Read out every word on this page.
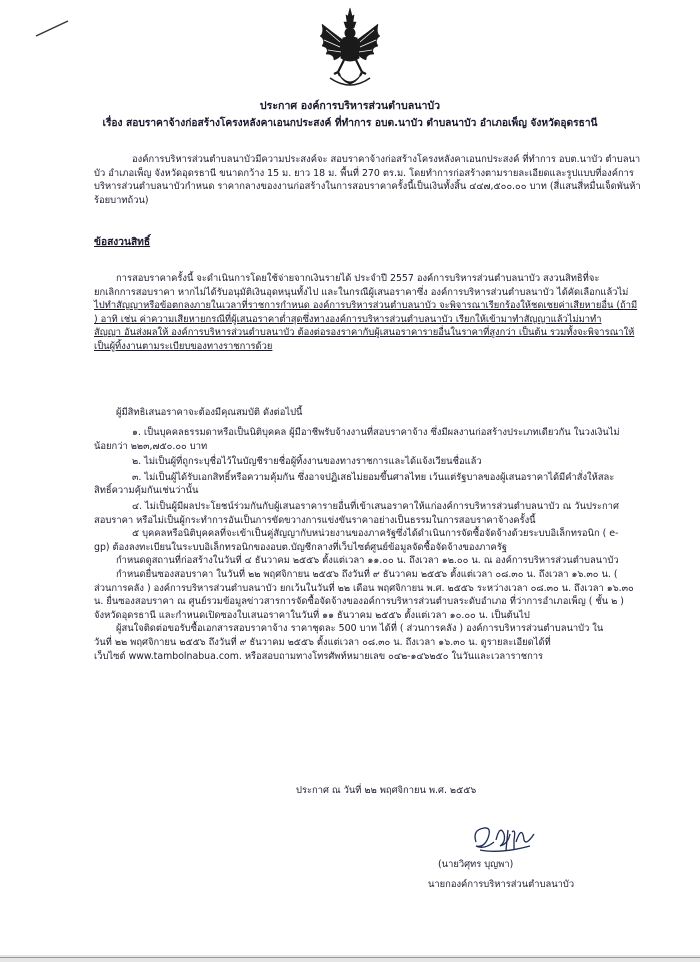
ประกาศ องค์การบริหารส่วนตำบลนาบัว
เรื่อง สอบราคาจ้างก่อสร้างโครงหลังคาเอนกประสงค์ ที่ทำการ อบต.นาบัว ตำบลนาบัว อำเภอเพ็ญ จังหวัดอุดรธานี
องค์การบริหารส่วนตำบลนาบัวมีความประสงค์จะ สอบราคาจ้างก่อสร้างโครงหลังคาเอนกประสงค์ ที่ทำการ อบต.นาบัว ตำบลนา
บัว อำเภอเพ็ญ จังหวัดอุดรธานี ขนาดกว้าง 15 ม. ยาว 18 ม. พื้นที่ 270 ตร.ม. โดยทำการก่อสร้างตามรายละเอียดและรูปแบบที่องค์การ
บริหารส่วนตำบลนาบัวกำหนด ราคากลางของงานก่อสร้างในการสอบราคาครั้งนี้เป็นเงินทั้งสิ้น ๔๔๗,๕๐๐.๐๐ บาท (สี่แสนสี่หมื่นเจ็ดพันห้า
ร้อยบาทถ้วน)
ข้อสงวนสิทธิ์
การสอบราคาครั้งนี้ จะดำเนินการโดยใช้จ่ายจากเงินรายได้ ประจำปี 2557 องค์การบริหารส่วนตำบลนาบัว สงวนสิทธิที่จะ
ยกเลิกการสอบราคา หากไม่ได้รับอนุมัติเงินอุดหนุนทั้งไป และในกรณีผู้เสนอราคาซึ่ง องค์การบริหารส่วนตำบลนาบัว ได้คัดเลือกแล้วไม่
ไปทำสัญญาหรือข้อตกลงภายในเวลาที่ราชการกำหนด องค์การบริหารส่วนตำบลนาบัว จะพิจารณาเรียกร้องให้ชดเชยค่าเสียหายอื่น (ถ้ามี
) อาทิ เช่น ค่าความเสียหายกรณีที่ผู้เสนอราคาต่ำสุดซึ่งทางองค์การบริหารส่วนตำบลนาบัว เรียกให้เข้ามาทำสัญญาแล้วไม่มาทำ
สัญญา อันส่งผลให้ องค์การบริหารส่วนตำบลนาบัว ต้องต่อรองราคากับผู้เสนอราคารายอื่นในราคาที่สูงกว่า เป็นต้น รวมทั้งจะพิจารณาให้
เป็นผู้ทิ้งงานตามระเบียบของทางราชการด้วย
ผู้มีสิทธิเสนอราคาจะต้องมีคุณสมบัติ ดังต่อไปนี้
๑. เป็นบุคคลธรรมดาหรือเป็นนิติบุคคล ผู้มีอาชีพรับจ้างงานที่สอบราคาจ้าง ซึ่งมีผลงานก่อสร้างประเภทเดียวกัน ในวงเงินไม่
น้อยกว่า ๒๒๓,๗๕๐.๐๐ บาท
๒. ไม่เป็นผู้ที่ถูกระบุชื่อไว้ในบัญชีรายชื่อผู้ทิ้งงานของทางราชการและได้แจ้งเวียนชื่อแล้ว
๓. ไม่เป็นผู้ได้รับเอกสิทธิ์หรือความคุ้มกัน ซึ่งอาจปฏิเสธไม่ยอมขึ้นศาลไทย เว้นแต่รัฐบาลของผู้เสนอราคาได้มีคำสั่งให้สละ
สิทธิ์ความคุ้มกันเช่นว่านั้น
๔. ไม่เป็นผู้มีผลประโยชน์ร่วมกันกับผู้เสนอราคารายอื่นที่เข้าเสนอราคาให้แก่องค์การบริหารส่วนตำบลนาบัว ณ วันประกาศ
สอบราคา หรือไม่เป็นผู้กระทำการอันเป็นการขัดขวางการแข่งขันราคาอย่างเป็นธรรมในการสอบราคาจ้างครั้งนี้
๕ บุคคลหรือนิติบุคคลที่จะเข้าเป็นคู่สัญญากับหน่วยงานของภาครัฐซึ่งได้ดำเนินการจัดซื้อจัดจ้างด้วยระบบอิเล็กทรอนิก ( e-
gp) ต้องลงทะเบียนในระบบอิเล็กทรอนิกของอบต.บัญชีกลางที่เว็บไซต์ศูนย์ข้อมูลจัดซื้อจัดจ้างของภาครัฐ
กำหนดดูสถานที่ก่อสร้างในวันที่ ๔ ธันวาคม ๒๕๕๖ ตั้งแต่เวลา ๑๑.๐๐ น. ถึงเวลา ๑๒.๐๐ น. ณ องค์การบริหารส่วนตำบลนาบัว
กำหนดยื่นซองสอบราคา ในวันที่ ๒๒ พฤศจิกายน ๒๕๕๖ ถึงวันที่ ๙ ธันวาคม ๒๕๕๖ ตั้งแต่เวลา ๐๘.๓๐ น. ถึงเวลา ๑๖.๓๐ น. (
ส่วนการคลัง ) องค์การบริหารส่วนตำบลนาบัว ยกเว้นในวันที่ ๒๒ เดือน พฤศจิกายน พ.ศ. ๒๕๕๖ ระหว่างเวลา ๐๘.๓๐ น. ถึงเวลา ๑๖.๓๐
น. ยื่นซองสอบราคา ณ ศูนย์รวมข้อมูลข่าวสารการจัดซื้อจัดจ้างของอค์การบริหารส่วนตำบลระดับอำเภอ ที่ว่าการอำเภอเพ็ญ ( ชั้น ๒ )
จังหวัดอุดรธานี และกำหนดเปิดซองใบเสนอราคาในวันที่ ๑๑ ธันวาคม ๒๕๕๖ ตั้งแต่เวลา ๑๐.๐๐ น. เป็นต้นไป
ผู้สนใจติดต่อขอรับซื้อเอกสารสอบราคาจ้าง ราคาชุดละ 500 บาท ได้ที่ ( ส่วนการคลัง ) องค์การบริหารส่วนตำบลนาบัว ใน
วันที่ ๒๒ พฤศจิกายน ๒๕๕๖ ถึงวันที่ ๙ ธันวาคม ๒๕๕๖ ตั้งแต่เวลา ๐๘.๓๐ น. ถึงเวลา ๑๖.๓๐ น. ดูรายละเอียดได้ที่
เว็บไซต์ www.tambolnabua.com. หรือสอบถามทางโทรศัพท์หมายเลข ๐๔๒-๑๔๖๒๕๐ ในวันและเวลาราชการ
ประกาศ ณ วันที่ ๒๒ พฤศจิกายน พ.ศ. ๒๕๕๖
(นายวิศุทร บุญพา)
นายกองค์การบริหารส่วนตำบลนาบัว
